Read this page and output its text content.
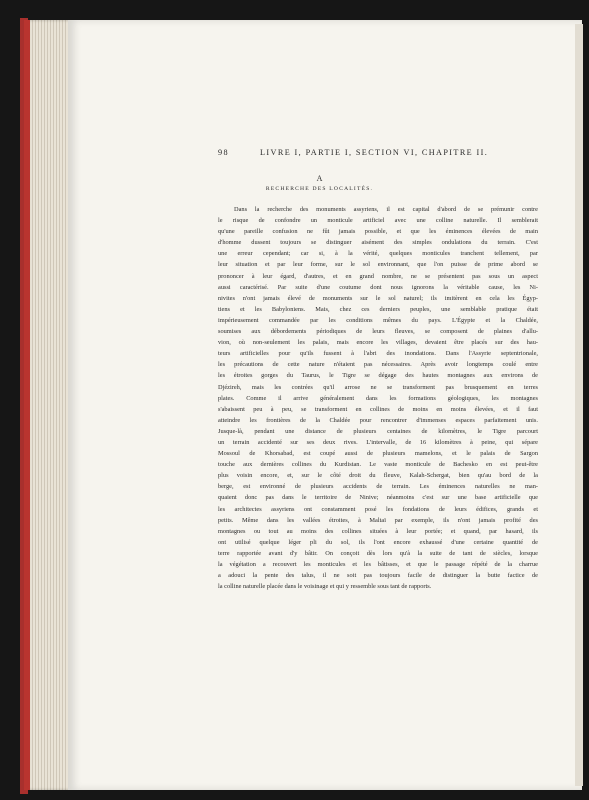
98	LIVRE I, PARTIE I, SECTION VI, CHAPITRE II.
A
RECHERCHE DES LOCALITÉS.
Dans la recherche des monuments assyriens, il est capital d'abord de se prémunir contre
le risque de confondre un monticule artificiel avec une colline naturelle. Il semblerait
qu'une pareille confusion ne fût jamais possible, et que les éminences élevées de main
d'homme dussent toujours se distinguer aisément des simples ondulations du terrain. C'est
une erreur cependant; car si, à la vérité, quelques monticules tranchent tellement, par
leur situation et par leur forme, sur le sol environnant, que l'on puisse de prime abord se
prononcer à leur égard, d'autres, et en grand nombre, ne se présentent pas sous un aspect
aussi caractérisé. Par suite d'une coutume dont nous ignorons la véritable cause, les Ni-
nivites n'ont jamais élevé de monuments sur le sol naturel; ils imitèrent en cela les Égyp-
tiens et les Babyloniens. Mais, chez ces derniers peuples, une semblable pratique était
impérieusement commandée par les conditions mêmes du pays. L'Égypte et la Chaldée,
soumises aux débordements périodiques de leurs fleuves, se composent de plaines d'allu-
vion, où non-seulement les palais, mais encore les villages, devaient être placés sur des hau-
teurs artificielles pour qu'ils fussent à l'abri des inondations. Dans l'Assyrie septentrionale,
les précautions de cette nature n'étaient pas nécessaires. Après avoir longtemps coulé entre
les étroites gorges du Taurus, le Tigre se dégage des hautes montagnes aux environs de
Djézireh, mais les contrées qu'il arrose ne se transforment pas brusquement en terres
plates. Comme il arrive généralement dans les formations géologiques, les montagnes
s'abaissent peu à peu, se transforment en collines de moins en moins élevées, et il faut
atteindre les frontières de la Chaldée pour rencontrer d'immenses espaces parfaitement unis.
Jusque-là, pendant une distance de plusieurs centaines de kilomètres, le Tigre parcourt
un terrain accidenté sur ses deux rives. L'intervalle, de 16 kilomètres à peine, qui sépare
Mossoul de Khorsabad, est coupé aussi de plusieurs mamelons, et le palais de Sargon
touche aux dernières collines du Kurdistan. Le vaste monticule de Bachesko en est peut-être
plus voisin encore, et, sur le côté droit du fleuve, Kalah-Schergat, bien qu'au bord de la
berge, est environné de plusieurs accidents de terrain. Les éminences naturelles ne man-
quaient donc pas dans le territoire de Ninive; néanmoins c'est sur une base artificielle que
les architectes assyriens ont constamment posé les fondations de leurs édifices, grands et
petits. Même dans les vallées étroites, à Maltaï par exemple, ils n'ont jamais profité des
montagnes ou tout au moins des collines situées à leur portée; et quand, par hasard, ils
ont utilisé quelque léger pli du sol, ils l'ont encore exhaussé d'une certaine quantité de
terre rapportée avant d'y bâtir. On conçoit dès lors qu'à la suite de tant de siècles, lorsque
la végétation a recouvert les monticules et les bâtisses, et que le passage répété de la charrue
a adouci la pente des talus, il ne soit pas toujours facile de distinguer la butte factice de
la colline naturelle placée dans le voisinage et qui y ressemble sous tant de rapports.
